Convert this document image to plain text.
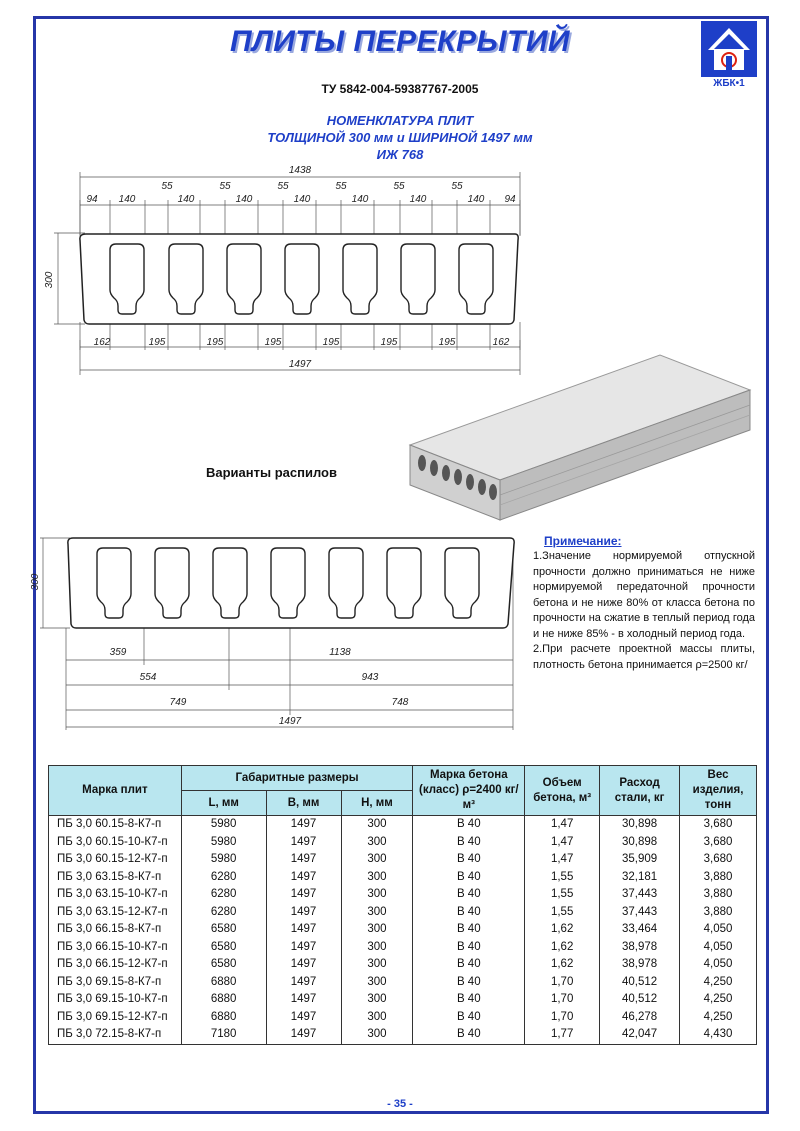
ПЛИТЫ ПЕРЕКРЫТИЙ
ЖБК•1
ТУ 5842-004-59387767-2005
НОМЕНКЛАТУРА ПЛИТ
ТОЛЩИНОЙ 300 мм и ШИРИНОЙ 1497 мм
ИЖ 768
1438
55	55	55	55	55	55
94 140	140	140	140	140	140	140 94
300
162	195	195	195	195	195	195	162
1497
Варианты распилов
300
359	1138
554	943
749	748
1497
Примечание:

1.Значение нормируемой отпускной прочности должно приниматься не ниже нормируемой передаточной прочности бетона и не ниже 80% от класса бетона по прочности на сжатие в теплый период года и не ниже 85% - в холодный период года.

2.При расчете проектной массы плиты, плотность бетона принимается ρ=2500 кг/

Марка плит	Габаритные размеры			Марка бетона (класс) ρ=2400 кг/м³	Объем бетона, м³	Расход стали, кг	Вес изделия, тонн
	L, мм	B, мм	H, мм				
ПБ 3,0 60.15-8-К7-п	5980	1497	300	В 40	1,47	30,898	3,680
ПБ 3,0 60.15-10-К7-п	5980	1497	300	В 40	1,47	30,898	3,680
ПБ 3,0 60.15-12-К7-п	5980	1497	300	В 40	1,47	35,909	3,680
ПБ 3,0 63.15-8-К7-п	6280	1497	300	В 40	1,55	32,181	3,880
ПБ 3,0 63.15-10-К7-п	6280	1497	300	В 40	1,55	37,443	3,880
ПБ 3,0 63.15-12-К7-п	6280	1497	300	В 40	1,55	37,443	3,880
ПБ 3,0 66.15-8-К7-п	6580	1497	300	В 40	1,62	33,464	4,050
ПБ 3,0 66.15-10-К7-п	6580	1497	300	В 40	1,62	38,978	4,050
ПБ 3,0 66.15-12-К7-п	6580	1497	300	В 40	1,62	38,978	4,050
ПБ 3,0 69.15-8-К7-п	6880	1497	300	В 40	1,70	40,512	4,250
ПБ 3,0 69.15-10-К7-п	6880	1497	300	В 40	1,70	40,512	4,250
ПБ 3,0 69.15-12-К7-п	6880	1497	300	В 40	1,70	46,278	4,250
ПБ 3,0 72.15-8-К7-п	7180	1497	300	В 40	1,77	42,047	4,430
- 35 -
